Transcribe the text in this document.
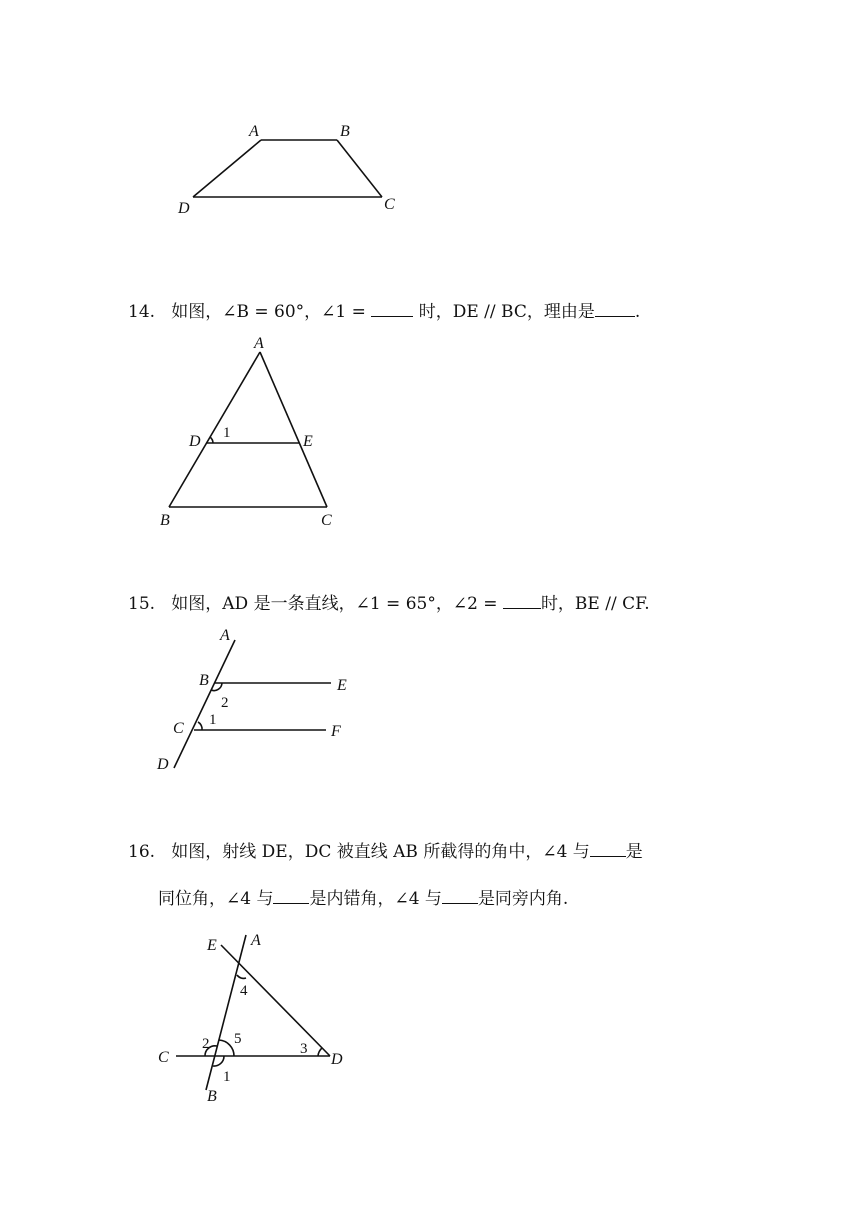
A	B
C
D
14. 如图，∠B = 60°，∠1 =  时，DE // BC，理由是 .
A
D 1	E
B	C
15. 如图，AD 是一条直线，∠1 = 65°，∠2 = 时，BE // CF.
A
B
2
E
C 1
F
D
16. 如图，射线 DE，DC 被直线 AB 所截得的角中，∠4 与 是
同位角，∠4 与 是内错角，∠4 与 是同旁内角.
E A
4
2 5
3
C	D
1
B
